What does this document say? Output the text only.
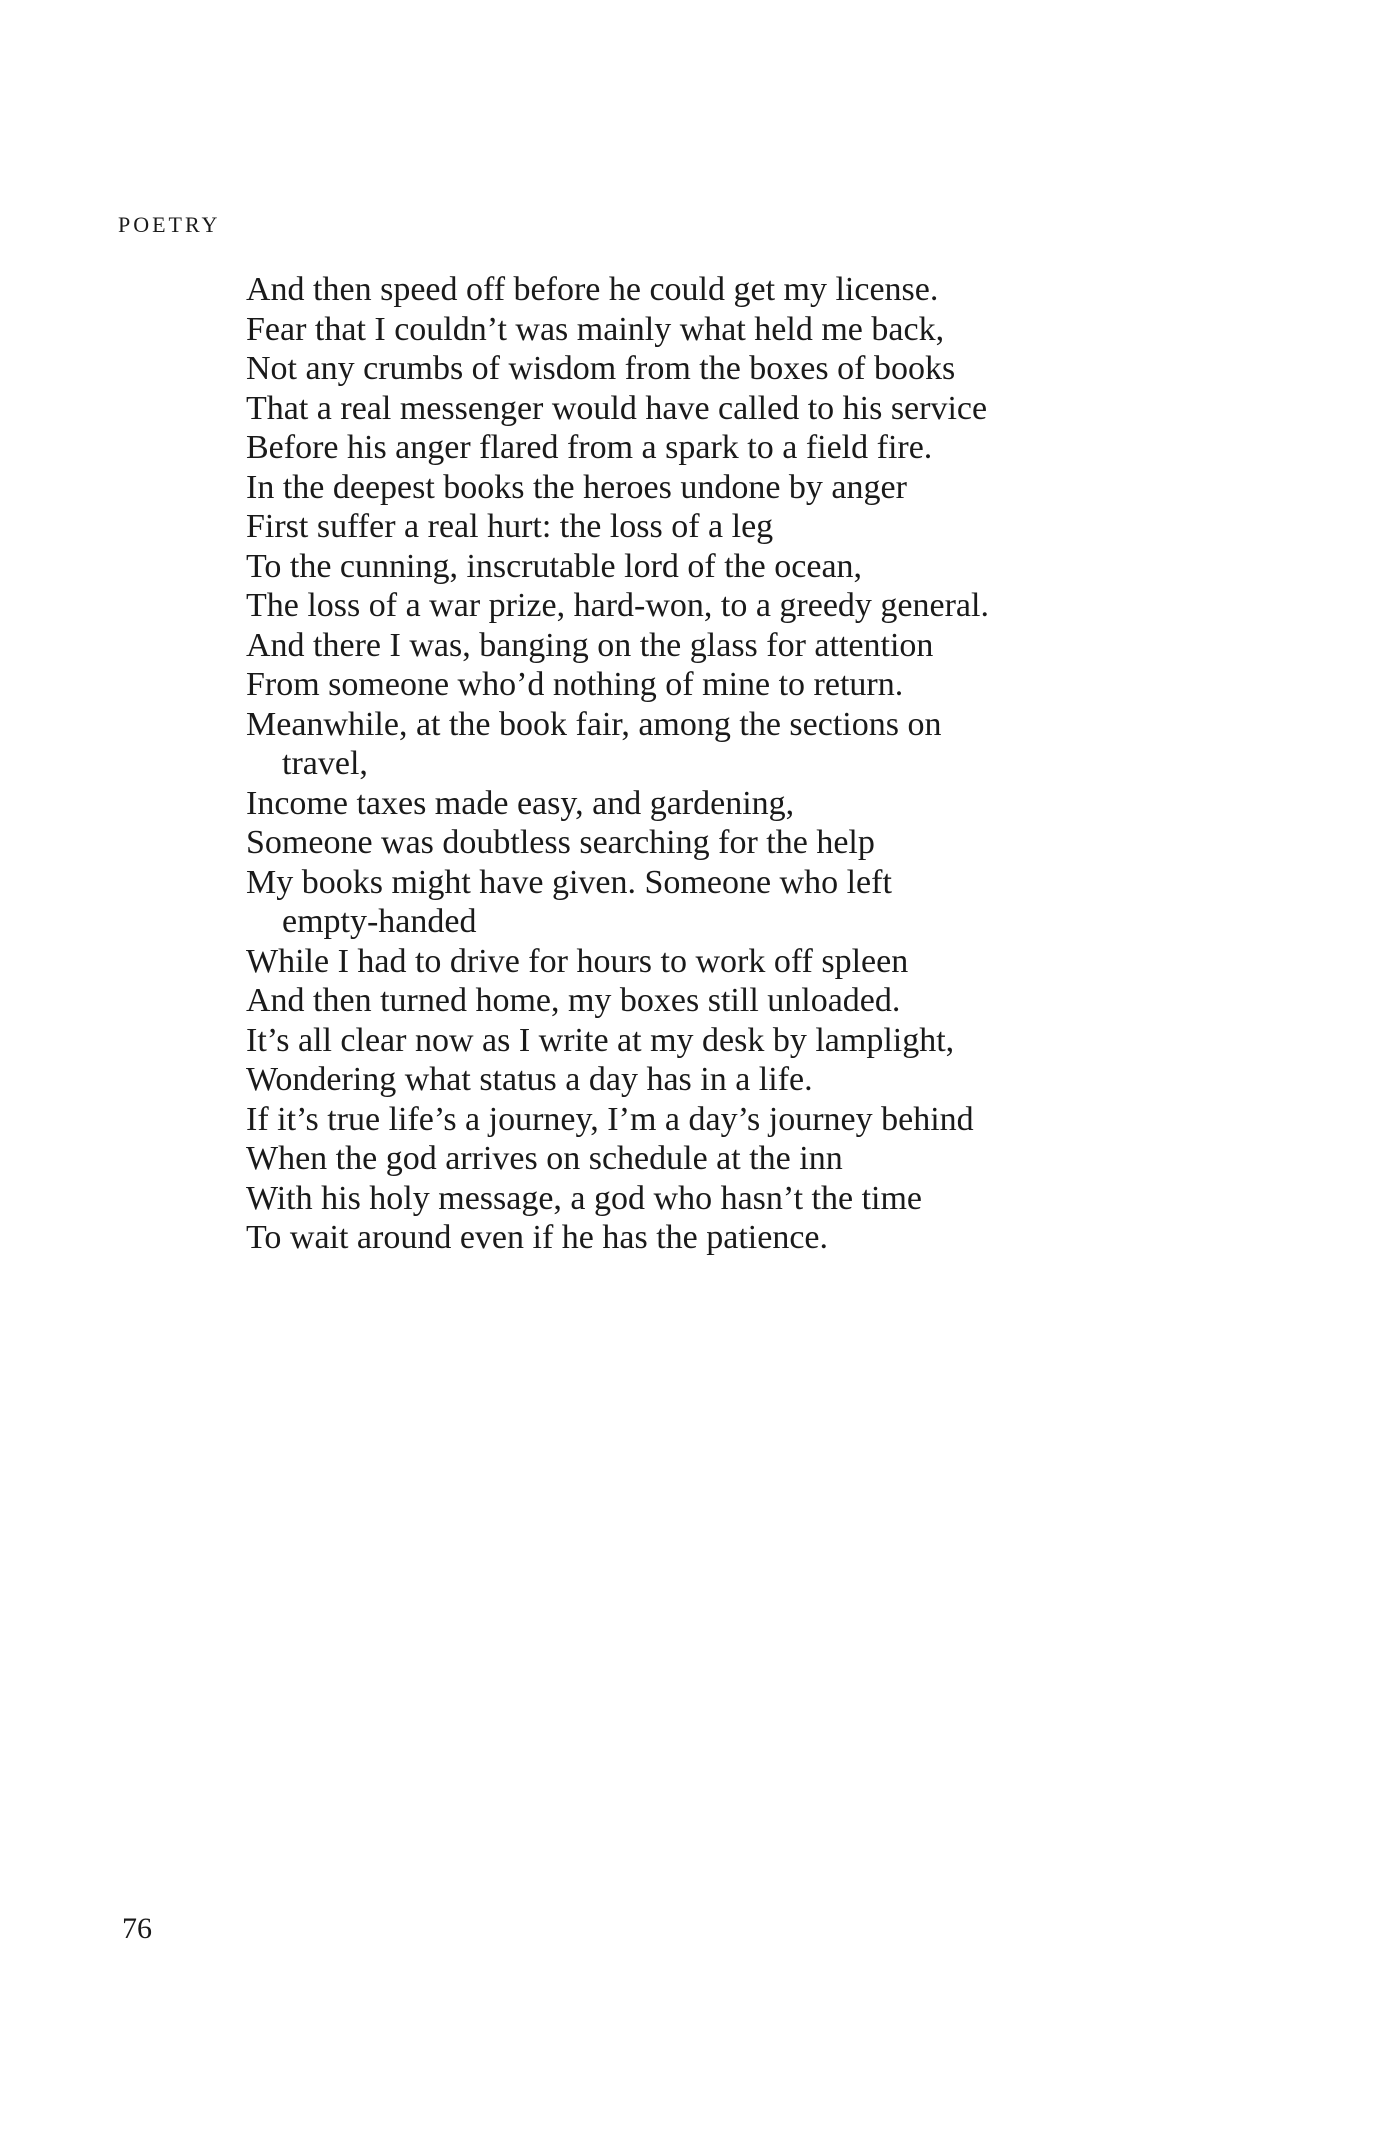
POETRY
And then speed off before he could get my license.
Fear that I couldn’t was mainly what held me back,
Not any crumbs of wisdom from the boxes of books
That a real messenger would have called to his service
Before his anger flared from a spark to a field fire.
In the deepest books the heroes undone by anger
First suffer a real hurt: the loss of a leg
To the cunning, inscrutable lord of the ocean,
The loss of a war prize, hard-won, to a greedy general.
And there I was, banging on the glass for attention
From someone who’d nothing of mine to return.
Meanwhile, at the book fair, among the sections on
travel,
Income taxes made easy, and gardening,
Someone was doubtless searching for the help
My books might have given. Someone who left
empty-handed
While I had to drive for hours to work off spleen
And then turned home, my boxes still unloaded.
It’s all clear now as I write at my desk by lamplight,
Wondering what status a day has in a life.
If it’s true life’s a journey, I’m a day’s journey behind
When the god arrives on schedule at the inn
With his holy message, a god who hasn’t the time
To wait around even if he has the patience.
76
